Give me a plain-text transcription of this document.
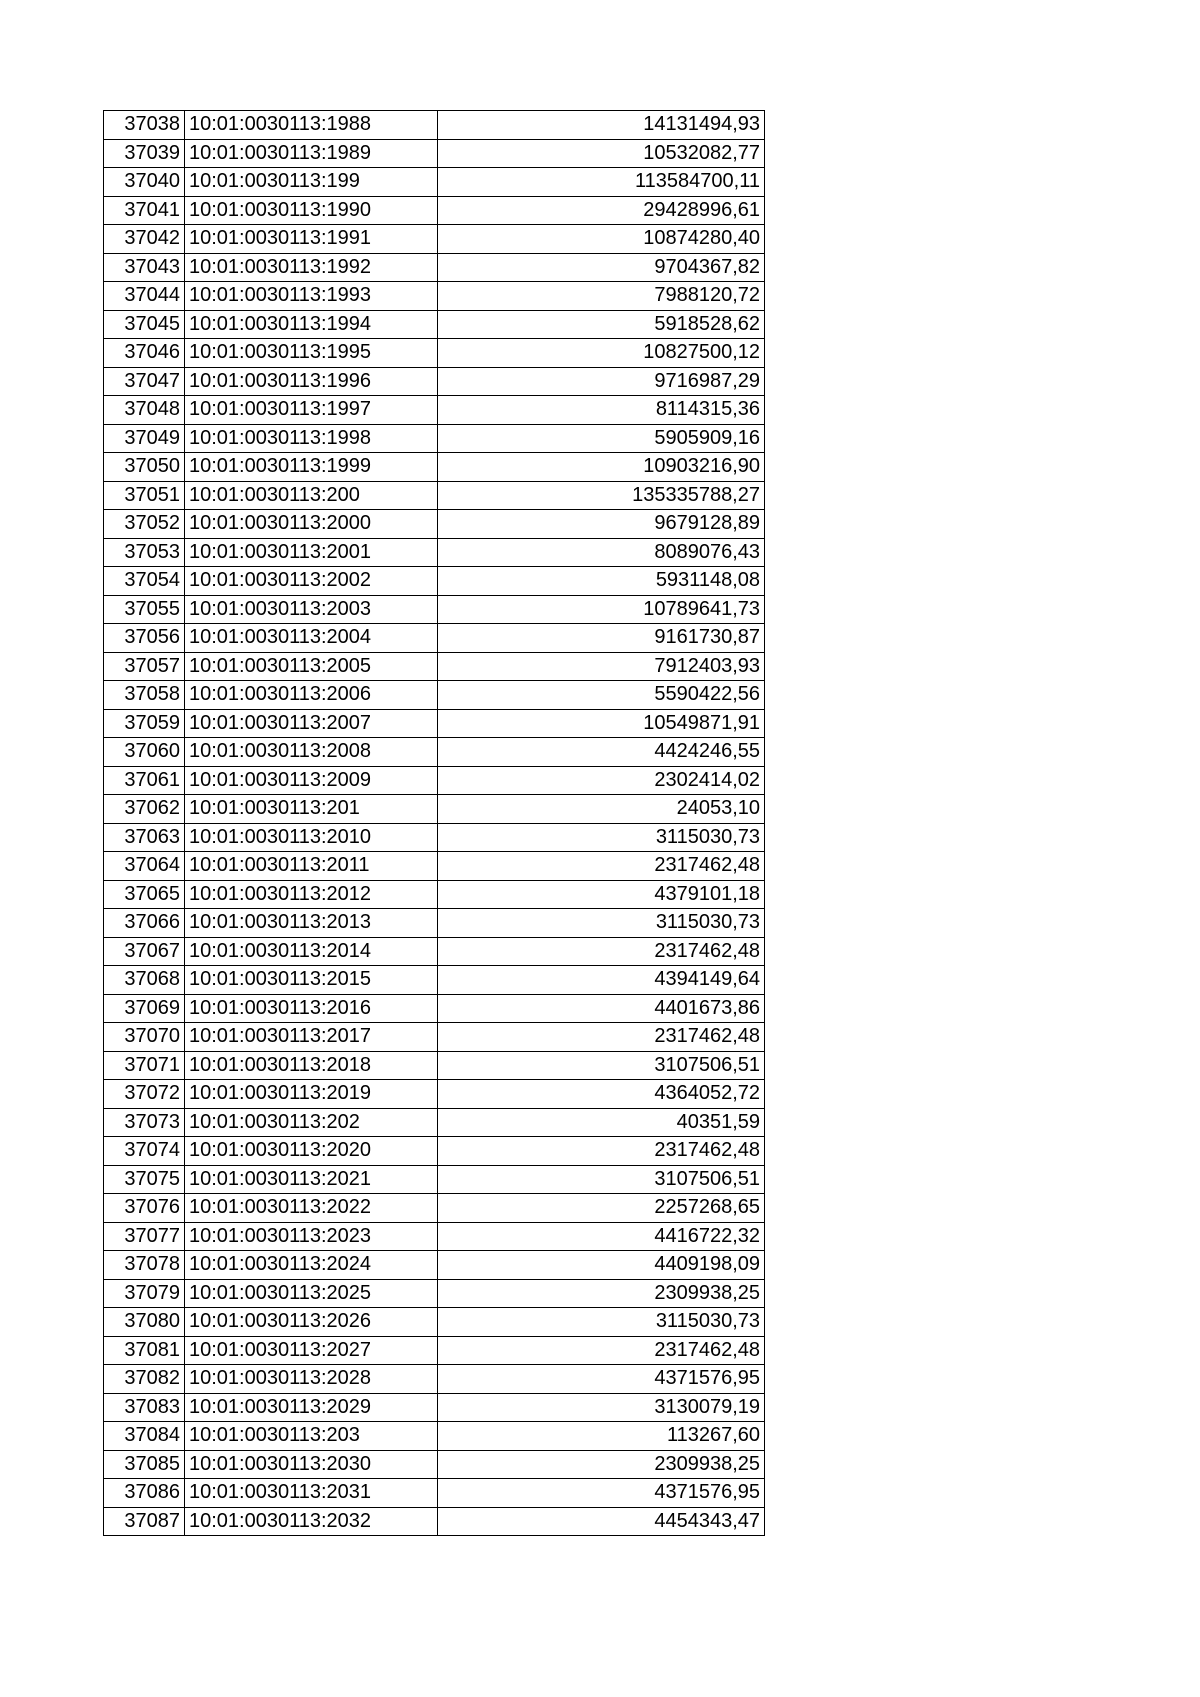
37038	10:01:0030113:1988	14131494,93
37039	10:01:0030113:1989	10532082,77
37040	10:01:0030113:199	113584700,11
37041	10:01:0030113:1990	29428996,61
37042	10:01:0030113:1991	10874280,40
37043	10:01:0030113:1992	9704367,82
37044	10:01:0030113:1993	7988120,72
37045	10:01:0030113:1994	5918528,62
37046	10:01:0030113:1995	10827500,12
37047	10:01:0030113:1996	9716987,29
37048	10:01:0030113:1997	8114315,36
37049	10:01:0030113:1998	5905909,16
37050	10:01:0030113:1999	10903216,90
37051	10:01:0030113:200	135335788,27
37052	10:01:0030113:2000	9679128,89
37053	10:01:0030113:2001	8089076,43
37054	10:01:0030113:2002	5931148,08
37055	10:01:0030113:2003	10789641,73
37056	10:01:0030113:2004	9161730,87
37057	10:01:0030113:2005	7912403,93
37058	10:01:0030113:2006	5590422,56
37059	10:01:0030113:2007	10549871,91
37060	10:01:0030113:2008	4424246,55
37061	10:01:0030113:2009	2302414,02
37062	10:01:0030113:201	24053,10
37063	10:01:0030113:2010	3115030,73
37064	10:01:0030113:2011	2317462,48
37065	10:01:0030113:2012	4379101,18
37066	10:01:0030113:2013	3115030,73
37067	10:01:0030113:2014	2317462,48
37068	10:01:0030113:2015	4394149,64
37069	10:01:0030113:2016	4401673,86
37070	10:01:0030113:2017	2317462,48
37071	10:01:0030113:2018	3107506,51
37072	10:01:0030113:2019	4364052,72
37073	10:01:0030113:202	40351,59
37074	10:01:0030113:2020	2317462,48
37075	10:01:0030113:2021	3107506,51
37076	10:01:0030113:2022	2257268,65
37077	10:01:0030113:2023	4416722,32
37078	10:01:0030113:2024	4409198,09
37079	10:01:0030113:2025	2309938,25
37080	10:01:0030113:2026	3115030,73
37081	10:01:0030113:2027	2317462,48
37082	10:01:0030113:2028	4371576,95
37083	10:01:0030113:2029	3130079,19
37084	10:01:0030113:203	113267,60
37085	10:01:0030113:2030	2309938,25
37086	10:01:0030113:2031	4371576,95
37087	10:01:0030113:2032	4454343,47
